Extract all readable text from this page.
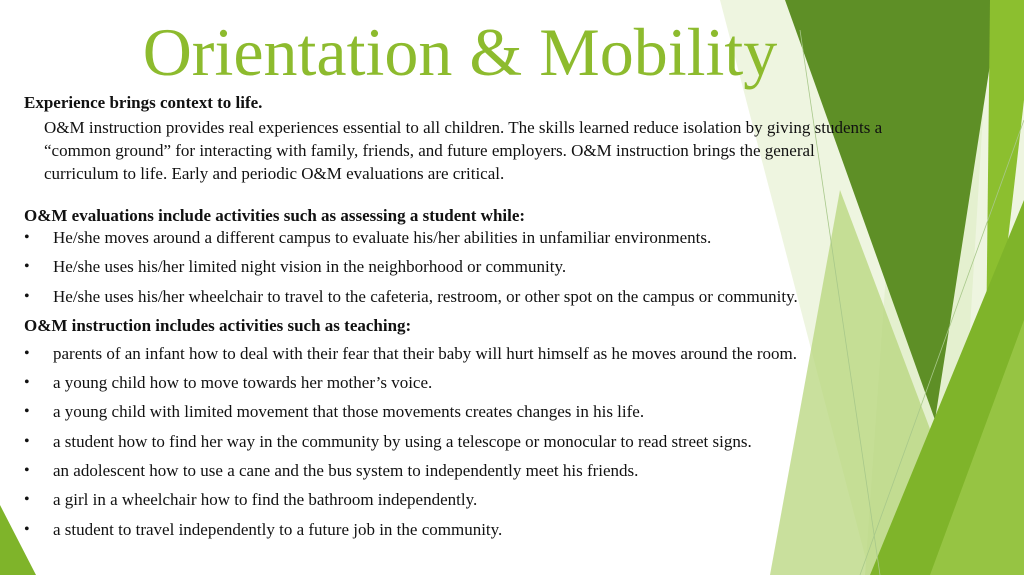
Orientation & Mobility
Experience brings context to life.
O&M instruction provides real experiences essential to all children. The skills learned reduce isolation by giving students a
“common ground” for interacting with family, friends, and future employers. O&M instruction brings the general
curriculum to life. Early and periodic O&M evaluations are critical.
O&M evaluations include activities such as assessing a student while:
• He/she moves around a different campus to evaluate his/her abilities in unfamiliar environments.
• He/she uses his/her limited night vision in the neighborhood or community.
• He/she uses his/her wheelchair to travel to the cafeteria, restroom, or other spot on the campus or community.
O&M instruction includes activities such as teaching:
• parents of an infant how to deal with their fear that their baby will hurt himself as he moves around the room.
• a young child how to move towards her mother’s voice.
• a young child with limited movement that those movements creates changes in his life.
• a student how to find her way in the community by using a telescope or monocular to read street signs.
• an adolescent how to use a cane and the bus system to independently meet his friends.
• a girl in a wheelchair how to find the bathroom independently.
• a student to travel independently to a future job in the community.
